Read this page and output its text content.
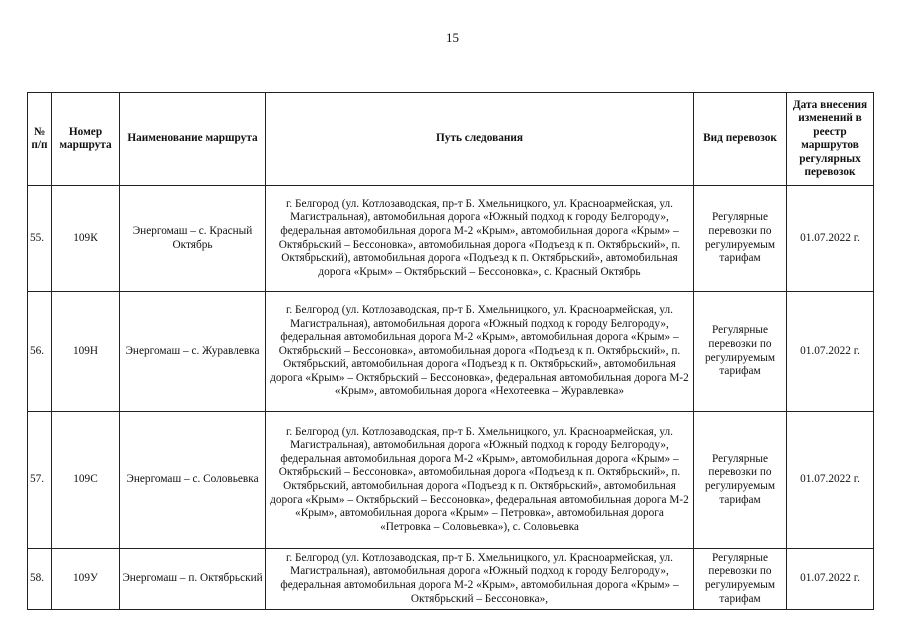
15
№ п/п	Номер маршрута	Наименование маршрута	Путь следования	Вид перевозок	Дата внесения изменений в реестр маршрутов регулярных перевозок
55.	109К	Энергомаш – с. Красный Октябрь	г. Белгород (ул. Котлозаводская, пр-т Б. Хмельницкого, ул. Красноармейская, ул. Магистральная), автомобильная дорога «Южный подход к городу Белгороду», федеральная автомобильная дорога М-2 «Крым», автомобильная дорога «Крым» – Октябрьский – Бессоновка», автомобильная дорога «Подъезд к п. Октябрьский», п. Октябрьский), автомобильная дорога «Подъезд к п. Октябрьский», автомобильная дорога «Крым» – Октябрьский – Бессоновка», с. Красный Октябрь	Регулярные перевозки по регулируемым тарифам	01.07.2022 г.
56.	109Н	Энергомаш – с. Журавлевка	г. Белгород (ул. Котлозаводская, пр-т Б. Хмельницкого, ул. Красноармейская, ул. Магистральная), автомобильная дорога «Южный подход к городу Белгороду», федеральная автомобильная дорога М-2 «Крым», автомобильная дорога «Крым» – Октябрьский – Бессоновка», автомобильная дорога «Подъезд к п. Октябрьский», п. Октябрьский, автомобильная дорога «Подъезд к п. Октябрьский», автомобильная дорога «Крым» – Октябрьский – Бессоновка», федеральная автомобильная дорога М-2 «Крым», автомобильная дорога «Нехотеевка – Журавлевка»	Регулярные перевозки по регулируемым тарифам	01.07.2022 г.
57.	109С	Энергомаш – с. Соловьевка	г. Белгород (ул. Котлозаводская, пр-т Б. Хмельницкого, ул. Красноармейская, ул. Магистральная), автомобильная дорога «Южный подход к городу Белгороду», федеральная автомобильная дорога М-2 «Крым», автомобильная дорога «Крым» – Октябрьский – Бессоновка», автомобильная дорога «Подъезд к п. Октябрьский», п. Октябрьский, автомобильная дорога «Подъезд к п. Октябрьский», автомобильная дорога «Крым» – Октябрьский – Бессоновка», федеральная автомобильная дорога М-2 «Крым», автомобильная дорога «Крым» – Петровка», автомобильная дорога «Петровка – Соловьевка»), с. Соловьевка	Регулярные перевозки по регулируемым тарифам	01.07.2022 г.
58.	109У	Энергомаш – п. Октябрьский	г. Белгород (ул. Котлозаводская, пр-т Б. Хмельницкого, ул. Красноармейская, ул. Магистральная), автомобильная дорога «Южный подход к городу Белгороду», федеральная автомобильная дорога М-2 «Крым», автомобильная дорога «Крым» – Октябрьский – Бессоновка»,	Регулярные перевозки по регулируемым тарифам	01.07.2022 г.
